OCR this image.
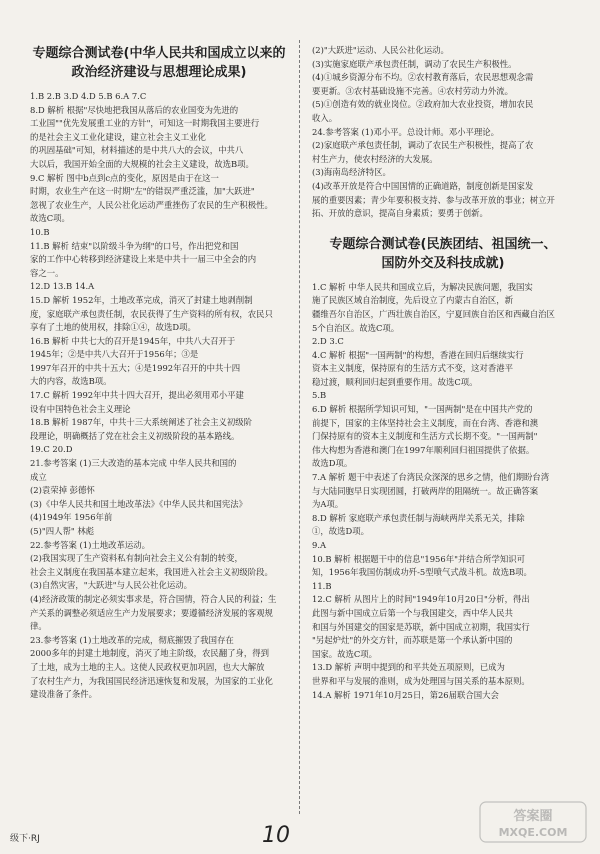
专题综合测试卷(中华人民共和国成立以来的
政治经济建设与思想理论成果)

1.B 2.B 3.D 4.D 5.B 6.A 7.C

8.D 解析 根据"尽快地把我国从落后的农业国变为先进的

工业国""优先发展重工业的方针"，可知这一时期我国主要进行

的是社会主义工业化建设，建立社会主义工业化

的巩固基础"可知，材料描述的是中共八大的会议，中共八

大以后，我国开始全面的大规模的社会主义建设，故选B项。

9.C 解析 图中b点到c点的变化，原因是由于在这一

时期，农业生产在这一时期"左"的错误严重泛滥，加"大跃进"

忽视了农业生产，人民公社化运动严重挫伤了农民的生产积极性。

故选C项。

10.B

11.B 解析 结束"以阶级斗争为纲"的口号，作出把党和国

家的工作中心转移到经济建设上来是中共十一届三中全会的内

容之一。

12.D 13.B 14.A

15.D 解析 1952年，土地改革完成，消灭了封建土地剥削制

度，家庭联产承包责任制，农民获得了生产资料的所有权，农民只

享有了土地的使用权，排除①④，故选D项。

16.B 解析 中共七大的召开是1945年，中共八大召开于

1945年；②是中共八大召开于1956年；③是

1997年召开的中共十五大；④是1992年召开的中共十四

大的内容，故选B项。

17.C 解析 1992年中共十四大召开，提出必须用邓小平建

设有中国特色社会主义理论

18.B 解析 1987年，中共十三大系统阐述了社会主义初级阶

段理论，明确概括了党在社会主义初级阶段的基本路线。

19.C 20.D

21.参考答案 (1)三大改造的基本完成 中华人民共和国的

成立

(2)袁荣掉 彭德怀

(3)《中华人民共和国土地改革法》《中华人民共和国宪法》

(4)1949年 1956年前

(5)"四人帮" 林彪

22.参考答案 (1)土地改革运动。

(2)我国实现了生产资料私有制向社会主义公有制的转变，

社会主义制度在我国基本建立起来，我国进入社会主义初级阶段。

(3)自然灾害，"大跃进"与人民公社化运动。

(4)经济政策的制定必须实事求是，符合国情，符合人民的利益；生

产关系的调整必须适应生产力发展要求；要遵循经济发展的客观规

律。

23.参考答案 (1)土地改革的完成，彻底摧毁了我国存在

2000多年的封建土地制度，消灭了地主阶级，农民翻了身，得到

了土地，成为土地的主人。这使人民政权更加巩固，也大大解放

了农村生产力，为我国国民经济迅速恢复和发展，为国家的工业化

建设准备了条件。

(2)"大跃进"运动、人民公社化运动。

(3)实施家庭联产承包责任制，调动了农民生产积极性。

(4)①城乡资源分布不均。②农村教育落后，农民思想观念需

要更新。③农村基础设施不完善。④农村劳动力外流。

(5)①创造有效的就业岗位。②政府加大农业投资，增加农民

收入。

24.参考答案 (1)邓小平。总设计师。邓小平理论。

(2)家庭联产承包责任制，调动了农民生产积极性，提高了农

村生产力，使农村经济的大发展。

(3)海南岛经济特区。

(4)改革开放是符合中国国情的正确道路，制度创新是国家发

展的重要因素；青少年要积极支持、参与改革开放的事业；树立开

拓、开放的意识，提高自身素质；要勇于创新。

专题综合测试卷(民族团结、祖国统一、
国防外交及科技成就)

1.C 解析 中华人民共和国成立后，为解决民族问题，我国实

施了民族区域自治制度，先后设立了内蒙古自治区，新

疆维吾尔自治区，广西壮族自治区，宁夏回族自治区和西藏自治区

5个自治区。故选C项。

2.D 3.C

4.C 解析 根据"一国两制"的构想，香港在回归后继续实行

资本主义制度，保持原有的生活方式不变，这对香港平

稳过渡，顺利回归起到重要作用。故选C项。

5.B

6.D 解析 根据所学知识可知，"一国两制"是在中国共产党的

前提下，国家的主体坚持社会主义制度，而在台湾、香港和澳

门保持原有的资本主义制度和生活方式长期不变。"一国两制"

伟大构想为香港和澳门在1997年顺利回归祖国提供了依据。

故选D项。

7.A 解析 题干中表述了台湾民众深深的思乡之情，他们期盼台湾

与大陆同胞早日实现团圆，打破两岸的阻隔统一。故正确答案

为A项。

8.D 解析 家庭联产承包责任制与海峡两岸关系无关，排除

①，故选D项。

9.A

10.B 解析 根据题干中的信息"1956年"并结合所学知识可

知，1956年我国仿制成功歼-5型喷气式战斗机。故选B项。

11.B

12.C 解析 从图片上的时间"1949年10月20日"分析，得出

此图与新中国成立后第一个与我国建交，西中华人民共

和国与外国建交的国家是苏联，新中国成立初期，我国实行

"另起炉灶"的外交方针，而苏联是第一个承认新中国的

国家。故选C项。

13.D 解析 声明中提到的和平共处五项原则，已成为

世界和平与发展的准则，成为处理国与国关系的基本原则。

14.A 解析 1971年10月25日，第26届联合国大会

级下·RJ	10
答案圈
MXQE.COM
